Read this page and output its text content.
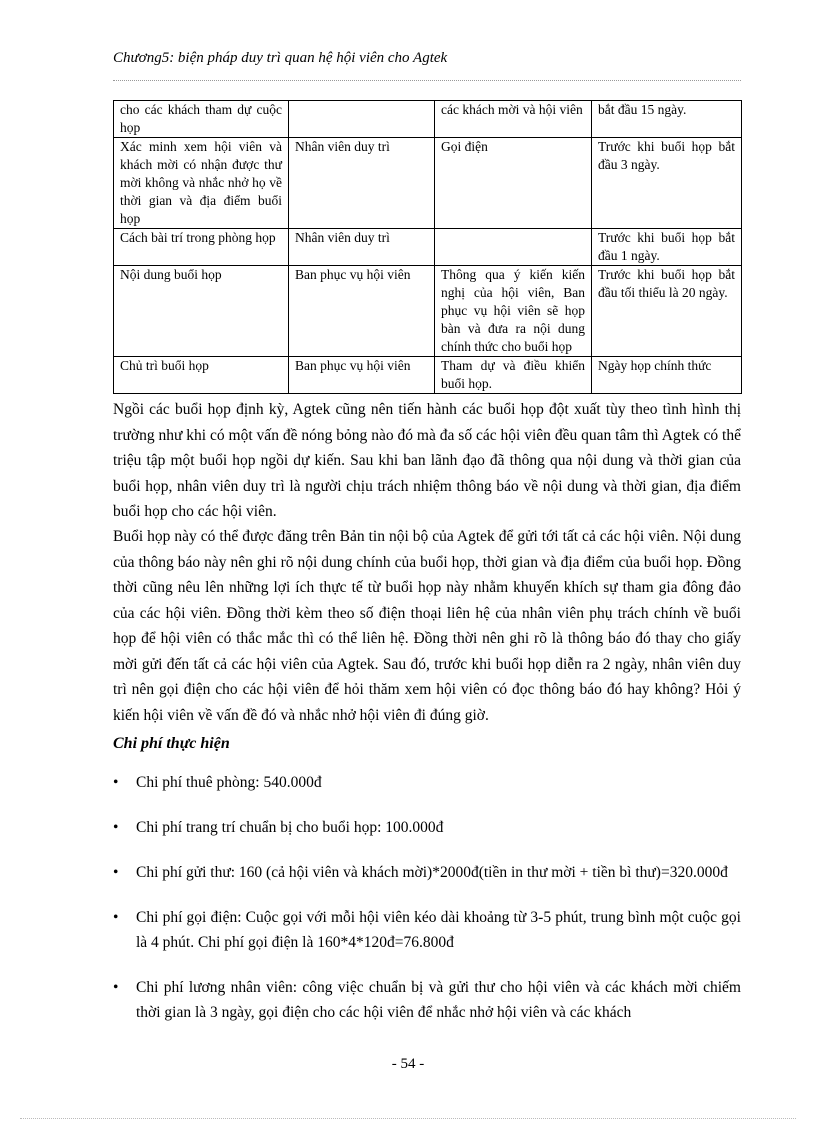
Chương5: biện pháp duy trì quan hệ hội viên cho Agtek
cho các khách tham dự cuộc họp		các khách mời và hội viên	bắt đầu 15 ngày.
Xác minh xem hội viên và khách mời có nhận được thư mời không và nhắc nhở họ về thời gian và địa điểm buổi họp	Nhân viên duy trì	Gọi điện	Trước khi buổi họp bắt đầu 3 ngày.
Cách bài trí trong phòng họp	Nhân viên duy trì		Trước khi buổi họp bắt đầu 1 ngày.
Nội dung buổi họp	Ban phục vụ hội viên	Thông qua ý kiến kiến nghị của hội viên, Ban phục vụ hội viên sẽ họp bàn và đưa ra nội dung chính thức cho buổi họp	Trước khi buổi họp bắt đầu tối thiểu là 20 ngày.
Chủ trì buổi họp	Ban phục vụ hội viên	Tham dự và điều khiển buổi họp.	Ngày họp chính thức

Ngồi các buổi họp định kỳ, Agtek cũng nên tiến hành các buổi họp đột xuất tùy theo tình hình thị trường như khi có một vấn đề nóng bỏng nào đó mà đa số các hội viên đều quan tâm thì Agtek có thể triệu tập một buổi họp ngồi dự kiến. Sau khi ban lãnh đạo đã thông qua nội dung và thời gian của buổi họp, nhân viên duy trì là người chịu trách nhiệm thông báo về nội dung và thời gian, địa điểm buổi họp cho các hội viên.

Buổi họp này có thể được đăng trên Bản tin nội bộ của Agtek để gửi tới tất cả các hội viên. Nội dung của thông báo này nên ghi rõ nội dung chính của buổi họp, thời gian và địa điểm của buổi họp. Đồng thời cũng nêu lên những lợi ích thực tế từ buổi họp này nhằm khuyến khích sự tham gia đông đảo của các hội viên. Đồng thời kèm theo số điện thoại liên hệ của nhân viên phụ trách chính về buổi họp để hội viên có thắc mắc thì có thể liên hệ. Đồng thời nên ghi rõ là thông báo đó thay cho giấy mời gửi đến tất cả các hội viên của Agtek. Sau đó, trước khi buổi họp diễn ra 2 ngày, nhân viên duy trì nên gọi điện cho các hội viên để hỏi thăm xem hội viên có đọc thông báo đó hay không? Hỏi ý kiến hội viên về vấn đề đó và nhắc nhở hội viên đi đúng giờ.

Chi phí thực hiện
• Chi phí thuê phòng: 540.000đ
• Chi phí trang trí chuẩn bị cho buổi họp: 100.000đ
• Chi phí gửi thư: 160 (cả hội viên và khách mời)*2000đ(tiền in thư mời + tiền bì thư)=320.000đ
• Chi phí gọi điện: Cuộc gọi với mỗi hội viên kéo dài khoảng từ 3-5 phút, trung bình một cuộc gọi là 4 phút. Chi phí gọi điện là 160*4*120đ=76.800đ
• Chi phí lương nhân viên: công việc chuẩn bị và gửi thư cho hội viên và các khách mời chiếm thời gian là 3 ngày, gọi điện cho các hội viên để nhắc nhở hội viên và các khách
- 54 -
